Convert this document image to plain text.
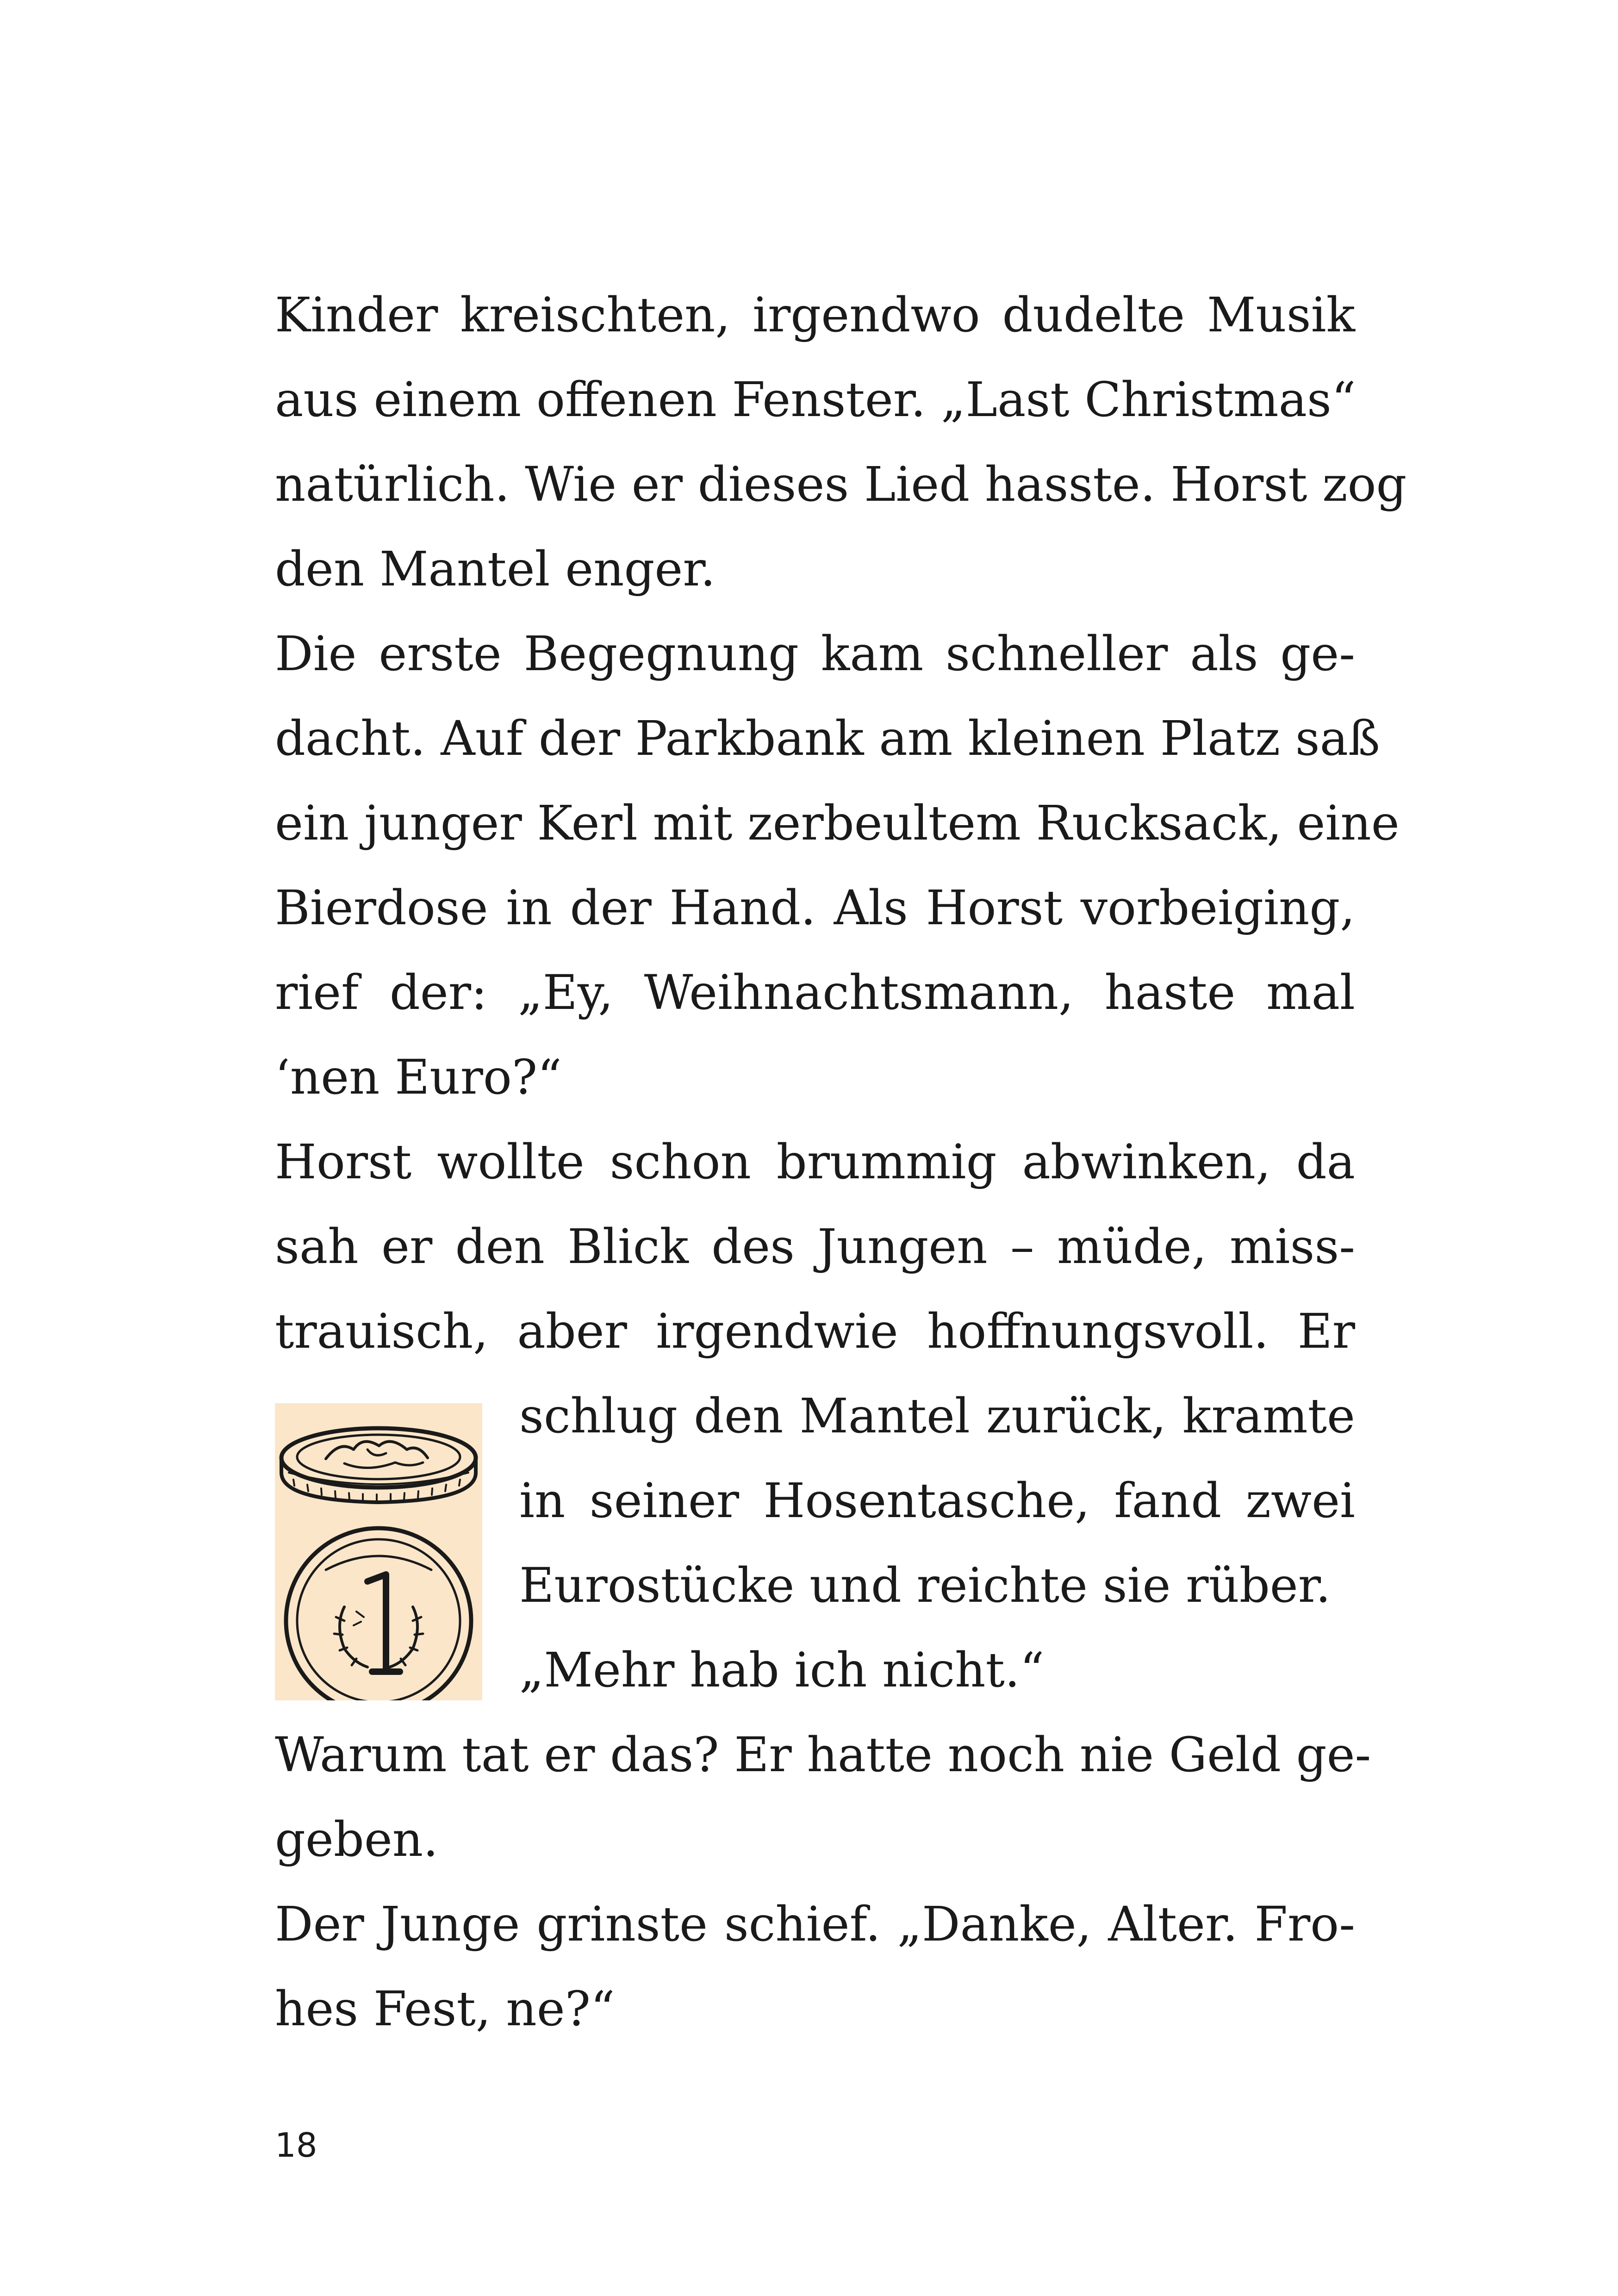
Kinder kreischten, irgendwo dudelte Musik
aus einem offenen Fenster. „Last Christmas“
natürlich. Wie er dieses Lied hasste. Horst zog
den Mantel enger.
Die erste Begegnung kam schneller als ge-
dacht. Auf der Parkbank am kleinen Platz saß
ein junger Kerl mit zerbeultem Rucksack, eine
Bierdose in der Hand. Als Horst vorbeiging,
rief der: „Ey, Weihnachtsmann, haste mal
‘nen Euro?“
Horst wollte schon brummig abwinken, da
sah er den Blick des Jungen – müde, miss-
trauisch, aber irgendwie hoffnungsvoll. Er
schlug den Mantel zurück, kramte
in seiner Hosentasche, fand zwei
Eurostücke und reichte sie rüber.
„Mehr hab ich nicht.“
Warum tat er das? Er hatte noch nie Geld ge-
geben.
Der Junge grinste schief. „Danke, Alter. Fro-
hes Fest, ne?“
18
